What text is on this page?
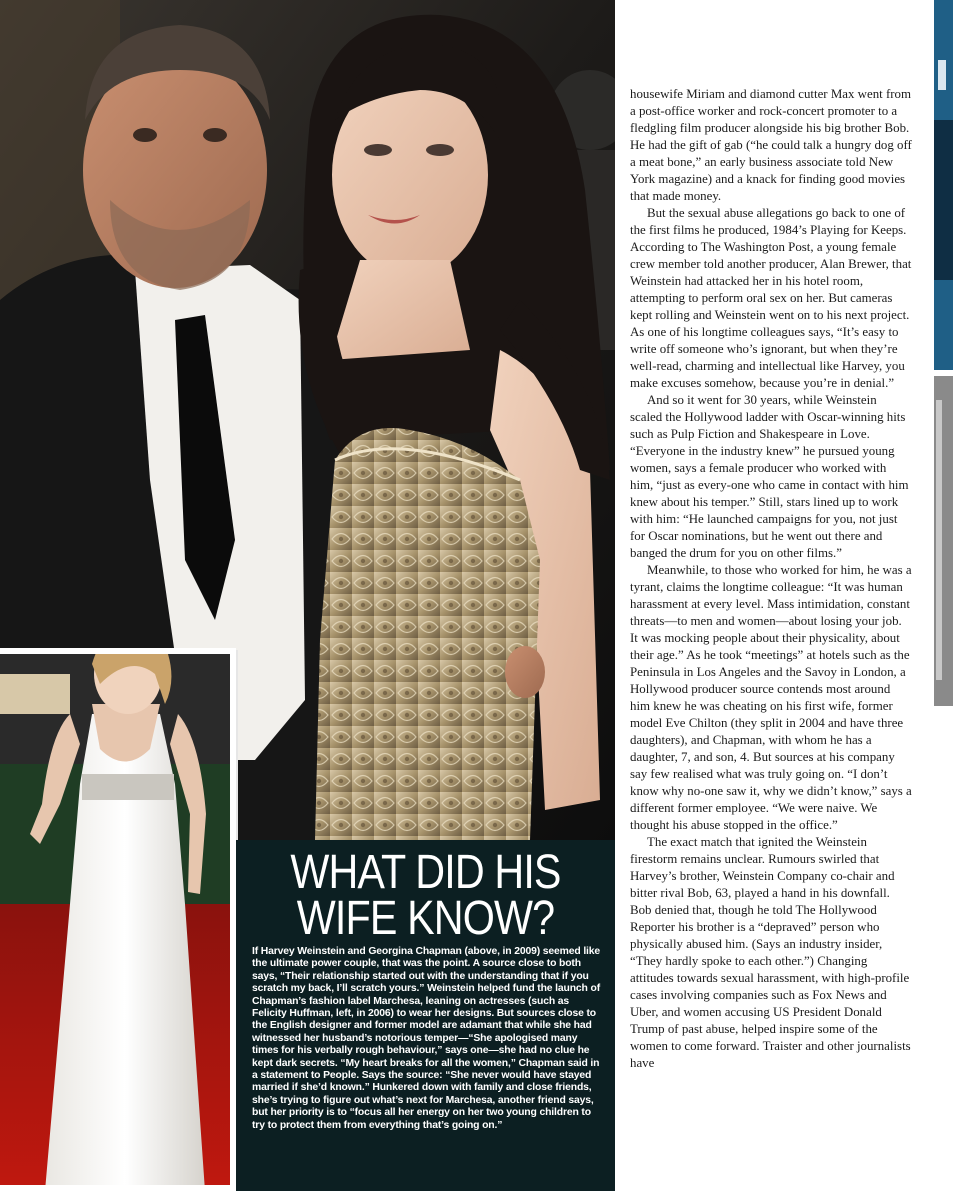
WHAT DID HIS
WIFE KNOW?

If Harvey Weinstein and Georgina Chapman (above, in 2009) seemed like the ultimate power couple, that was the point. A source close to both says, “Their relationship started out with the understanding that if you scratch my back, I’ll scratch yours.” Weinstein helped fund the launch of Chapman’s fashion label Marchesa, leaning on actresses (such as Felicity Huffman, left, in 2006) to wear her designs. But sources close to the English designer and former model are adamant that while she had witnessed her husband’s notorious temper—“She apologised many times for his verbally rough behaviour,” says one—she had no clue he kept dark secrets. “My heart breaks for all the women,” Chapman said in a statement to People. Says the source: “She never would have stayed married if she’d known.” Hunkered down with family and close friends, she’s trying to figure out what’s next for Marchesa, another friend says, but her priority is to “focus all her energy on her two young children to try to protect them from everything that’s going on.”

housewife Miriam and diamond cutter Max went from a post-office worker and rock-concert promoter to a fledgling film producer alongside his big brother Bob. He had the gift of gab (“he could talk a hungry dog off a meat bone,” an early business associate told New York magazine) and a knack for finding good movies that made money.

But the sexual abuse allegations go back to one of the first films he produced, 1984’s Playing for Keeps. According to The Washington Post, a young female crew member told another producer, Alan Brewer, that Weinstein had attacked her in his hotel room, attempting to perform oral sex on her. But cameras kept rolling and Weinstein went on to his next project. As one of his longtime colleagues says, “It’s easy to write off someone who’s ignorant, but when they’re well-read, charming and intellectual like Harvey, you make excuses somehow, because you’re in denial.”

And so it went for 30 years, while Weinstein scaled the Hollywood ladder with Oscar-winning hits such as Pulp Fiction and Shakespeare in Love. “Everyone in the industry knew” he pursued young women, says a female producer who worked with him, “just as every-one who came in contact with him knew about his temper.” Still, stars lined up to work with him: “He launched campaigns for you, not just for Oscar nominations, but he went out there and banged the drum for you on other films.”

Meanwhile, to those who worked for him, he was a tyrant, claims the longtime colleague: “It was human harassment at every level. Mass intimidation, constant threats—to men and women—about losing your job. It was mocking people about their physicality, about their age.” As he took “meetings” at hotels such as the Peninsula in Los Angeles and the Savoy in London, a Hollywood producer source contends most around him knew he was cheating on his first wife, former model Eve Chilton (they split in 2004 and have three daughters), and Chapman, with whom he has a daughter, 7, and son, 4. But sources at his company say few realised what was truly going on. “I don’t know why no-one saw it, why we didn’t know,” says a different former employee. “We were naive. We thought his abuse stopped in the office.”

The exact match that ignited the Weinstein firestorm remains unclear. Rumours swirled that Harvey’s brother, Weinstein Company co-chair and bitter rival Bob, 63, played a hand in his downfall. Bob denied that, though he told The Hollywood Reporter his brother is a “depraved” person who physically abused him. (Says an industry insider, “They hardly spoke to each other.”) Changing attitudes towards sexual harassment, with high-profile cases involving companies such as Fox News and Uber, and women accusing US President Donald Trump of past abuse, helped inspire some of the women to come forward. Traister and other journalists have
